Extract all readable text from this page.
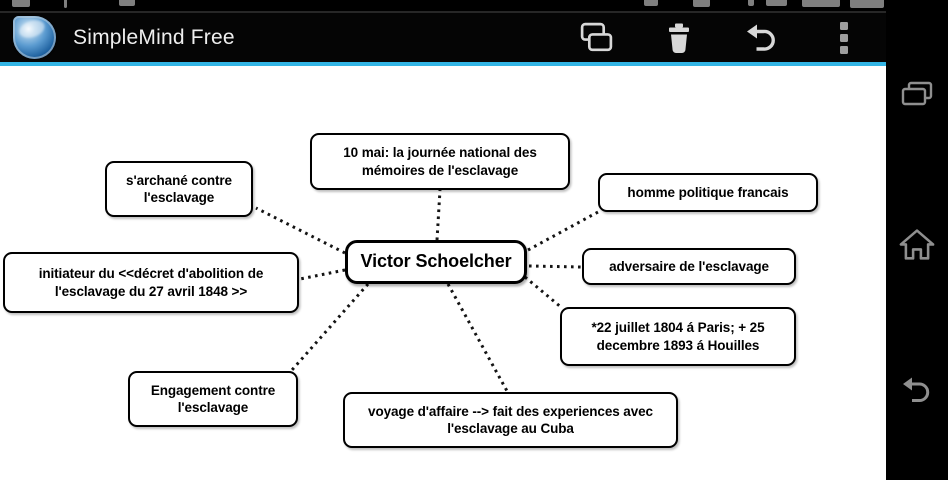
SimpleMind Free
s'archané contre l'esclavage
10 mai: la journée national des mémoires de l'esclavage
homme politique francais
initiateur du <<décret d'abolition de l'esclavage du 27 avril 1848 >>
Victor Schoelcher	adversaire de l'esclavage
*22 juillet 1804 á Paris; + 25 decembre 1893 á Houilles
Engagement contre l'esclavage	voyage d'affaire --> fait des experiences avec l'esclavage au Cuba
